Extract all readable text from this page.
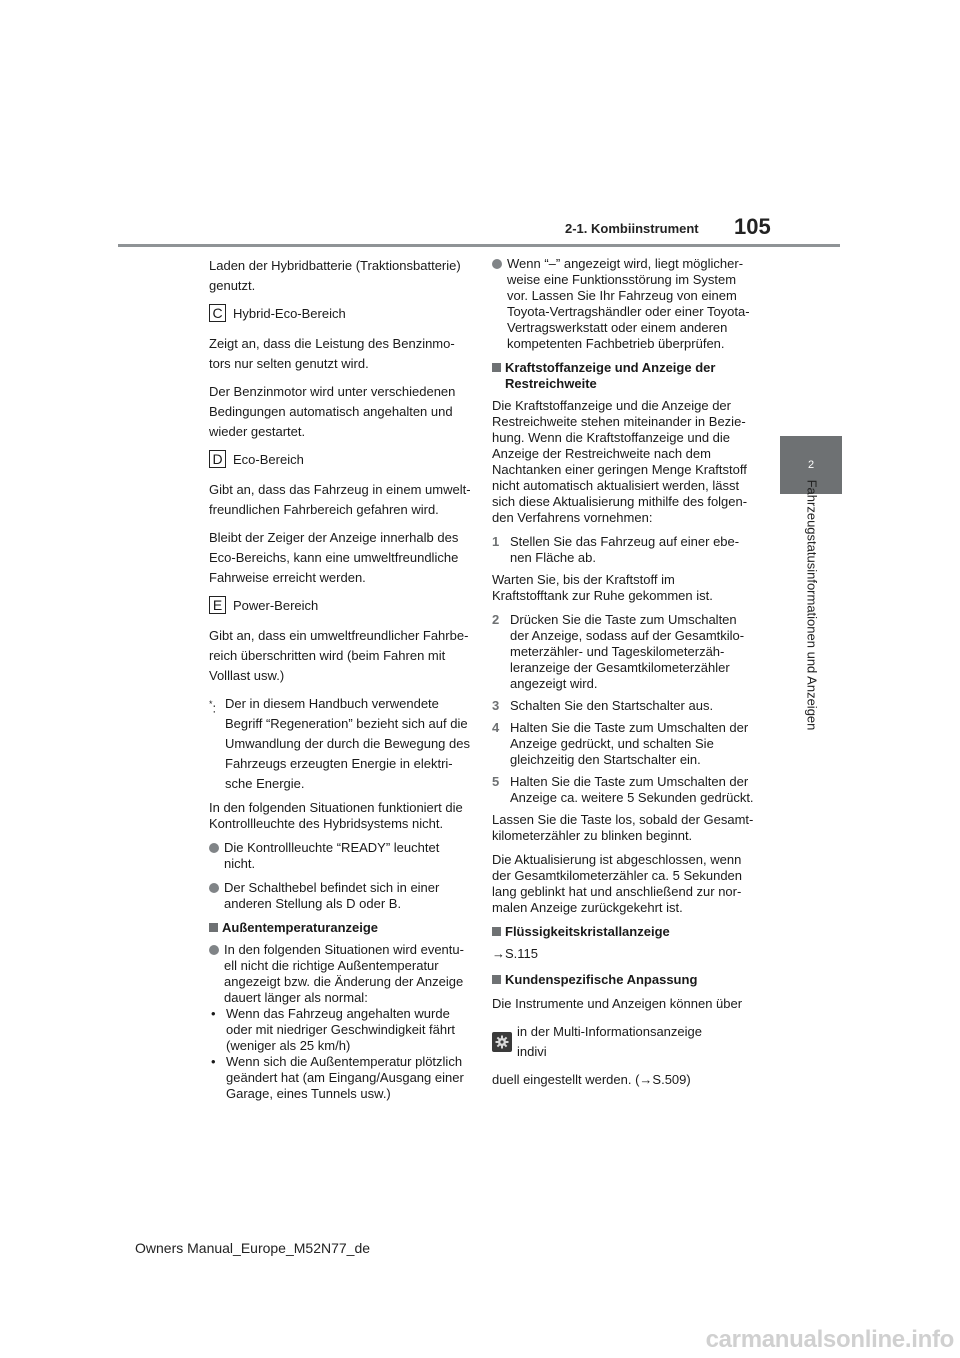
2-1. Kombiinstrument 105
2
Fahrzeugstatusinformationen und Anzeigen

Laden der Hybridbatterie (Traktionsbatterie) genutzt.

C Hybrid-Eco-Bereich

Zeigt an, dass die Leistung des Benzinmotors nur selten genutzt wird.

Der Benzinmotor wird unter verschiedenen Bedingungen automatisch angehalten und wieder gestartet.

D Eco-Bereich

Gibt an, dass das Fahrzeug in einem umweltfreundlichen Fahrbereich gefahren wird.

Bleibt der Zeiger der Anzeige innerhalb des Eco-Bereichs, kann eine umweltfreundliche Fahrweise erreicht werden.

E Power-Bereich

Gibt an, dass ein umweltfreundlicher Fahrbereich überschritten wird (beim Fahren mit Volllast usw.)

*: Der in diesem Handbuch verwendete Begriff “Regeneration” bezieht sich auf die Umwandlung der durch die Bewegung des Fahrzeugs erzeugten Energie in elektrische Energie.

In den folgenden Situationen funktioniert die Kontrollleuchte des Hybridsystems nicht.

Die Kontrollleuchte “READY” leuchtet nicht.
Der Schalthebel befindet sich in einer anderen Stellung als D oder B.
Außentemperaturanzeige
In den folgenden Situationen wird eventuell nicht die richtige Außentemperatur angezeigt bzw. die Änderung der Anzeige dauert länger als normal:
• Wenn das Fahrzeug angehalten wurde oder mit niedriger Geschwindigkeit fährt (weniger als 25 km/h)
• Wenn sich die Außentemperatur plötzlich geändert hat (am Eingang/Ausgang einer Garage, eines Tunnels usw.)
Wenn “–” angezeigt wird, liegt möglicherweise eine Funktionsstörung im System vor. Lassen Sie Ihr Fahrzeug von einem Toyota-Vertragshändler oder einer Toyota-Vertragswerkstatt oder einem anderen kompetenten Fachbetrieb überprüfen.
Kraftstoffanzeige und Anzeige der Restreichweite

Die Kraftstoffanzeige und die Anzeige der Restreichweite stehen miteinander in Beziehung. Wenn die Kraftstoffanzeige und die Anzeige der Restreichweite nach dem Nachtanken einer geringen Menge Kraftstoff nicht automatisch aktualisiert werden, lässt sich diese Aktualisierung mithilfe des folgenden Verfahrens vornehmen:

1 Stellen Sie das Fahrzeug auf einer ebenen Fläche ab.

Warten Sie, bis der Kraftstoff im Kraftstofftank zur Ruhe gekommen ist.

2 Drücken Sie die Taste zum Umschalten der Anzeige, sodass auf der Gesamtkilometerzähler- und Tageskilometerzähleranzeige der Gesamtkilometerzähler angezeigt wird.
3 Schalten Sie den Startschalter aus.
4 Halten Sie die Taste zum Umschalten der Anzeige gedrückt, und schalten Sie gleichzeitig den Startschalter ein.
5 Halten Sie die Taste zum Umschalten der Anzeige ca. weitere 5 Sekunden gedrückt.

Lassen Sie die Taste los, sobald der Gesamtkilometerzähler zu blinken beginnt.

Die Aktualisierung ist abgeschlossen, wenn der Gesamtkilometerzähler ca. 5 Sekunden lang geblinkt hat und anschließend zur normalen Anzeige zurückgekehrt ist.

Flüssigkeitskristallanzeige

→S.115

Kundenspezifische Anpassung

Die Instrumente und Anzeigen können über

in der Multi-Informationsanzeige indivi

duell eingestellt werden. (→S.509)

Owners Manual_Europe_M52N77_de
carmanualsonline.info
